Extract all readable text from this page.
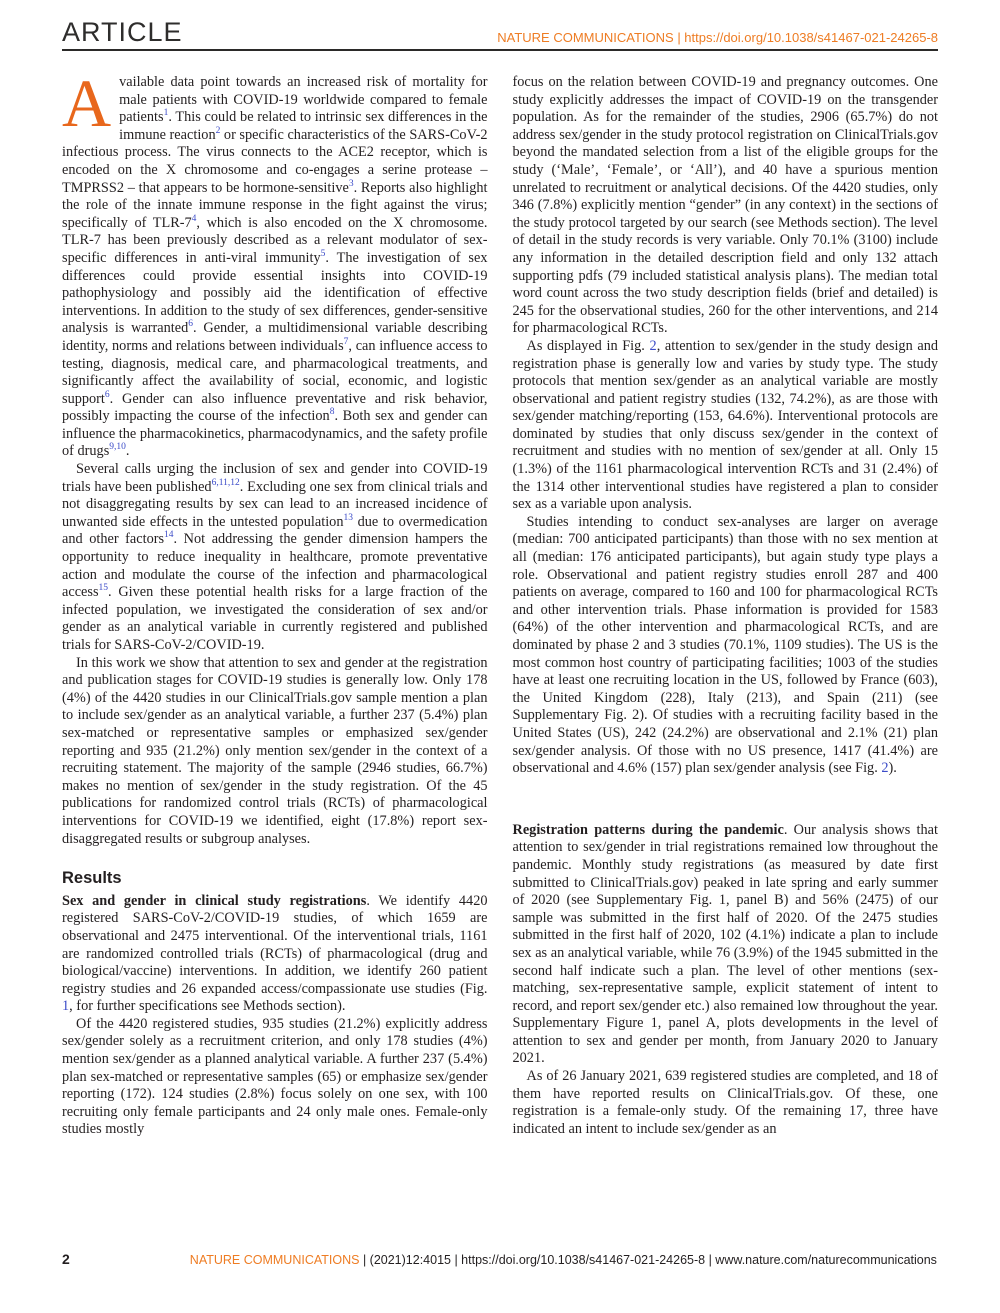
ARTICLE	NATURE COMMUNICATIONS | https://doi.org/10.1038/s41467-021-24265-8

Available data point towards an increased risk of mortality for male patients with COVID-19 worldwide compared to female patients$^1$. This could be related to intrinsic sex differences in the immune reaction$^2$ or specific characteristics of the SARS-CoV-2 infectious process. The virus connects to the ACE2 receptor, which is encoded on the X chromosome and co-engages a serine protease – TMPRSS2 – that appears to be hormone-sensitive$^3$. Reports also highlight the role of the innate immune response in the fight against the virus; specifically of TLR-7$^4$, which is also encoded on the X chromosome. TLR-7 has been previously described as a relevant modulator of sex-specific differences in anti-viral immunity$^5$. The investigation of sex differences could provide essential insights into COVID-19 pathophysiology and possibly aid the identification of effective interventions. In addition to the study of sex differences, gender-sensitive analysis is warranted$^6$. Gender, a multidimensional variable describing identity, norms and relations between individuals$^7$, can influence access to testing, diagnosis, medical care, and pharmacological treatments, and significantly affect the availability of social, economic, and logistic support$^6$. Gender can also influence preventative and risk behavior, possibly impacting the course of the infection$^8$. Both sex and gender can influence the pharmacokinetics, pharmacodynamics, and the safety profile of drugs$^{9,10}$.

Several calls urging the inclusion of sex and gender into COVID-19 trials have been published$^{6,11,12}$. Excluding one sex from clinical trials and not disaggregating results by sex can lead to an increased incidence of unwanted side effects in the untested population$^{13}$ due to overmedication and other factors$^{14}$. Not addressing the gender dimension hampers the opportunity to reduce inequality in healthcare, promote preventative action and modulate the course of the infection and pharmacological access$^{15}$. Given these potential health risks for a large fraction of the infected population, we investigated the consideration of sex and/or gender as an analytical variable in currently registered and published trials for SARS-CoV-2/COVID-19.

In this work we show that attention to sex and gender at the registration and publication stages for COVID-19 studies is generally low. Only 178 (4%) of the 4420 studies in our ClinicalTrials.gov sample mention a plan to include sex/gender as an analytical variable, a further 237 (5.4%) plan sex-matched or representative samples or emphasized sex/gender reporting and 935 (21.2%) only mention sex/gender in the context of a recruiting statement. The majority of the sample (2946 studies, 66.7%) makes no mention of sex/gender in the study registration. Of the 45 publications for randomized control trials (RCTs) of pharmacological interventions for COVID-19 we identified, eight (17.8%) report sex-disaggregated results or subgroup analyses.

Results

Sex and gender in clinical study registrations. We identify 4420 registered SARS-CoV-2/COVID-19 studies, of which 1659 are observational and 2475 interventional. Of the interventional trials, 1161 are randomized controlled trials (RCTs) of pharmacological (drug and biological/vaccine) interventions. In addition, we identify 260 patient registry studies and 26 expanded access/compassionate use studies (Fig. 1, for further specifications see Methods section).

Of the 4420 registered studies, 935 studies (21.2%) explicitly address sex/gender solely as a recruitment criterion, and only 178 studies (4%) mention sex/gender as a planned analytical variable. A further 237 (5.4%) plan sex-matched or representative samples (65) or emphasize sex/gender reporting (172). 124 studies (2.8%) focus solely on one sex, with 100 recruiting only female participants and 24 only male ones. Female-only studies mostly

focus on the relation between COVID-19 and pregnancy outcomes. One study explicitly addresses the impact of COVID-19 on the transgender population. As for the remainder of the studies, 2906 (65.7%) do not address sex/gender in the study protocol registration on ClinicalTrials.gov beyond the mandated selection from a list of the eligible groups for the study (‘Male’, ‘Female’, or ‘All’), and 40 have a spurious mention unrelated to recruitment or analytical decisions. Of the 4420 studies, only 346 (7.8%) explicitly mention “gender” (in any context) in the sections of the study protocol targeted by our search (see Methods section). The level of detail in the study records is very variable. Only 70.1% (3100) include any information in the detailed description field and only 132 attach supporting pdfs (79 included statistical analysis plans). The median total word count across the two study description fields (brief and detailed) is 245 for the observational studies, 260 for the other interventions, and 214 for pharmacological RCTs.

As displayed in Fig. 2, attention to sex/gender in the study design and registration phase is generally low and varies by study type. The study protocols that mention sex/gender as an analytical variable are mostly observational and patient registry studies (132, 74.2%), as are those with sex/gender matching/reporting (153, 64.6%). Interventional protocols are dominated by studies that only discuss sex/gender in the context of recruitment and studies with no mention of sex/gender at all. Only 15 (1.3%) of the 1161 pharmacological intervention RCTs and 31 (2.4%) of the 1314 other interventional studies have registered a plan to consider sex as a variable upon analysis.

Studies intending to conduct sex-analyses are larger on average (median: 700 anticipated participants) than those with no sex mention at all (median: 176 anticipated participants), but again study type plays a role. Observational and patient registry studies enroll 287 and 400 patients on average, compared to 160 and 100 for pharmacological RCTs and other intervention trials. Phase information is provided for 1583 (64%) of the other intervention and pharmacological RCTs, and are dominated by phase 2 and 3 studies (70.1%, 1109 studies). The US is the most common host country of participating facilities; 1003 of the studies have at least one recruiting location in the US, followed by France (603), the United Kingdom (228), Italy (213), and Spain (211) (see Supplementary Fig. 2). Of studies with a recruiting facility based in the United States (US), 242 (24.2%) are observational and 2.1% (21) plan sex/gender analysis. Of those with no US presence, 1417 (41.4%) are observational and 4.6% (157) plan sex/gender analysis (see Fig. 2).

Registration patterns during the pandemic. Our analysis shows that attention to sex/gender in trial registrations remained low throughout the pandemic. Monthly study registrations (as measured by date first submitted to ClinicalTrials.gov) peaked in late spring and early summer of 2020 (see Supplementary Fig. 1, panel B) and 56% (2475) of our sample was submitted in the first half of 2020. Of the 2475 studies submitted in the first half of 2020, 102 (4.1%) indicate a plan to include sex as an analytical variable, while 76 (3.9%) of the 1945 submitted in the second half indicate such a plan. The level of other mentions (sex-matching, sex-representative sample, explicit statement of intent to record, and report sex/gender etc.) also remained low throughout the year. Supplementary Figure 1, panel A, plots developments in the level of attention to sex and gender per month, from January 2020 to January 2021.

As of 26 January 2021, 639 registered studies are completed, and 18 of them have reported results on ClinicalTrials.gov. Of these, one registration is a female-only study. Of the remaining 17, three have indicated an intent to include sex/gender as an

2	NATURE COMMUNICATIONS | (2021)12:4015 | https://doi.org/10.1038/s41467-021-24265-8 | www.nature.com/naturecommunications
